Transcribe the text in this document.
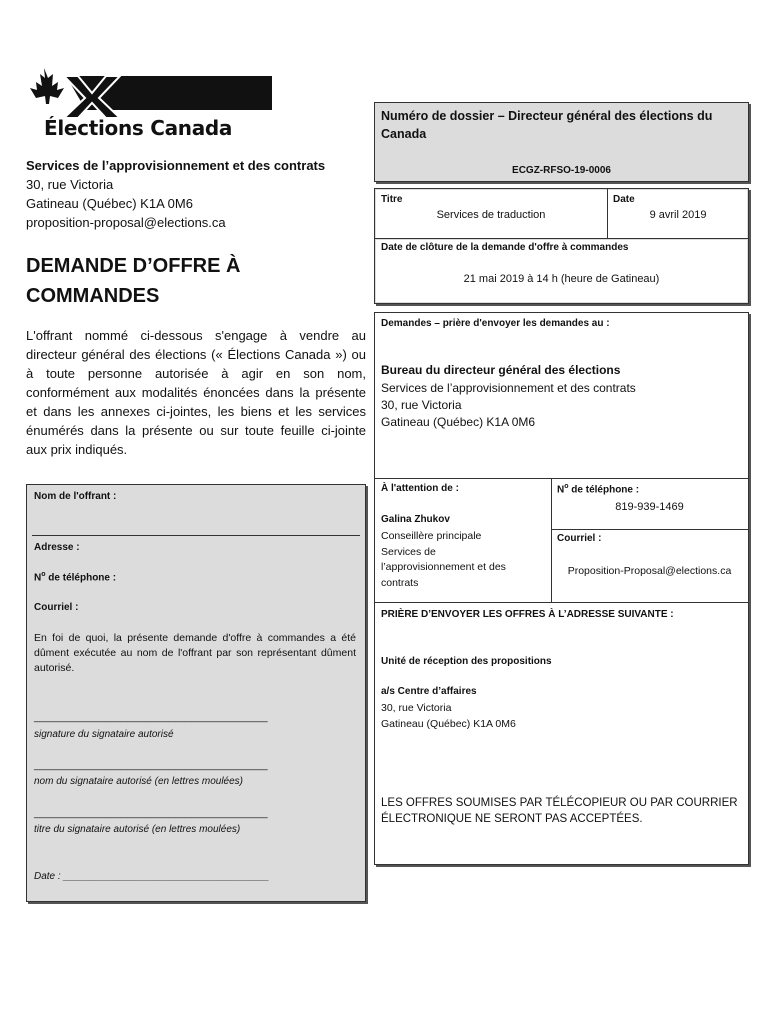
Élections Canada
Services de l’approvisionnement et des contrats
30, rue Victoria
Gatineau (Québec) K1A 0M6
proposition-proposal@elections.ca
DEMANDE D’OFFRE À
COMMANDES
L'offrant nommé ci-dessous s'engage à vendre au directeur général des élections (« Élections Canada ») ou à toute personne autorisée à agir en son nom, conformément aux modalités énoncées dans la présente et dans les annexes ci-jointes, les biens et les services énumérés dans la présente ou sur toute feuille ci-jointe aux prix indiqués.
Numéro de dossier – Directeur général des élections du Canada
ECGZ-RFSO-19-0006
Titre
Services de traduction
Date
9 avril 2019
Date de clôture de la demande d'offre à commandes
21 mai 2019 à 14 h (heure de Gatineau)
Demandes – prière d'envoyer les demandes au :
Bureau du directeur général des élections
Services de l’approvisionnement et des contrats
30, rue Victoria
Gatineau (Québec) K1A 0M6
À l'attention de :
Galina Zhukov
Conseillère principale
Services de
l’approvisionnement et des
contrats
$N^o$ de téléphone :
819-939-1469
Courriel :
Proposition-Proposal@elections.ca
PRIÈRE D’ENVOYER LES OFFRES À L’ADRESSE SUIVANTE :
Unité de réception des propositions
a/s Centre d’affaires
30, rue Victoria
Gatineau (Québec) K1A 0M6
LES OFFRES SOUMISES PAR TÉLÉCOPIEUR OU PAR COURRIER
ÉLECTRONIQUE NE SERONT PAS ACCEPTÉES.
Nom de l'offrant :
Adresse :
$N^o$ de téléphone :
Courriel :
En foi de quoi, la présente demande d'offre à commandes a été dûment exécutée au nom de l'offrant par son représentant dûment autorisé.
________________________________________
signature du signataire autorisé
________________________________________
nom du signataire autorisé (en lettres moulées)
________________________________________
titre du signataire autorisé (en lettres moulées)
Date : _____________________________________
